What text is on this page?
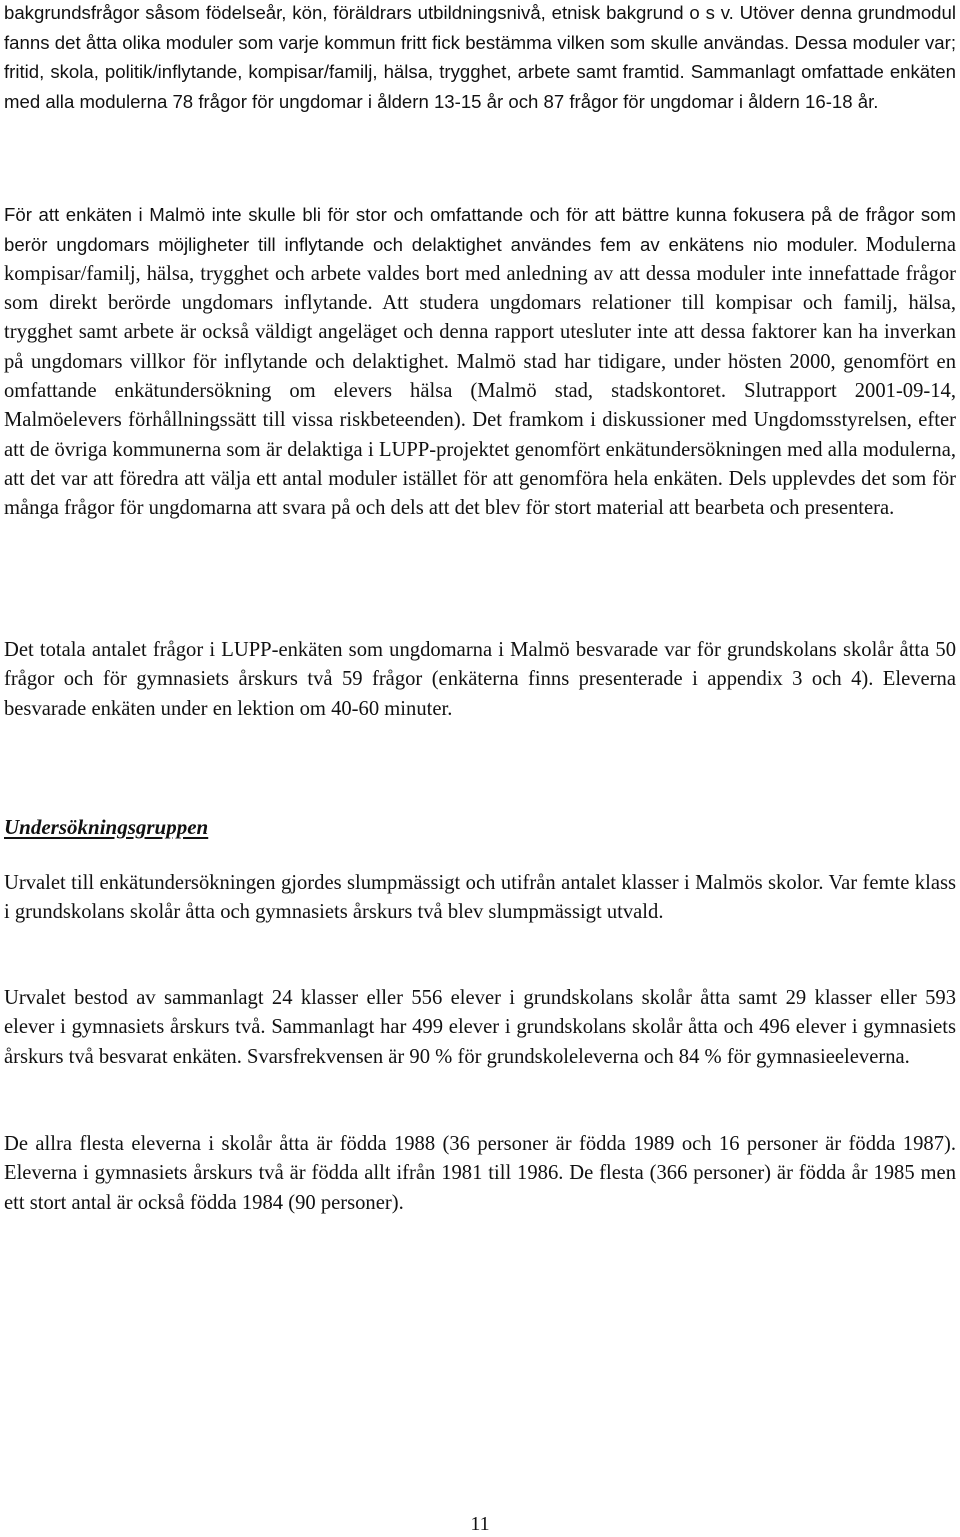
bakgrundsfrågor såsom födelseår, kön, föräldrars utbildningsnivå, etnisk bakgrund o s v. Utöver denna grundmodul fanns det åtta olika moduler som varje kommun fritt fick bestämma vilken som skulle användas. Dessa moduler var; fritid, skola, politik/inflytande, kompisar/familj, hälsa, trygghet, arbete samt framtid. Sammanlagt omfattade enkäten med alla modulerna 78 frågor för ungdomar i åldern 13-15 år och 87 frågor för ungdomar i åldern 16-18 år.

För att enkäten i Malmö inte skulle bli för stor och omfattande och för att bättre kunna fokusera på de frågor som berör ungdomars möjligheter till inflytande och delaktighet användes fem av enkätens nio moduler. Modulerna kompisar/familj, hälsa, trygghet och arbete valdes bort med anledning av att dessa moduler inte innefattade frågor som direkt berörde ungdomars inflytande. Att studera ungdomars relationer till kompisar och familj, hälsa, trygghet samt arbete är också väldigt angeläget och denna rapport utesluter inte att dessa faktorer kan ha inverkan på ungdomars villkor för inflytande och delaktighet. Malmö stad har tidigare, under hösten 2000, genomfört en omfattande enkätundersökning om elevers hälsa (Malmö stad, stadskontoret. Slutrapport 2001-09-14, Malmöelevers förhållningssätt till vissa riskbeteenden). Det framkom i diskussioner med Ungdomsstyrelsen, efter att de övriga kommunerna som är delaktiga i LUPP-projektet genomfört enkätundersökningen med alla modulerna, att det var att föredra att välja ett antal moduler istället för att genomföra hela enkäten. Dels upplevdes det som för många frågor för ungdomarna att svara på och dels att det blev för stort material att bearbeta och presentera.

Det totala antalet frågor i LUPP-enkäten som ungdomarna i Malmö besvarade var för grundskolans skolår åtta 50 frågor och för gymnasiets årskurs två 59 frågor (enkäterna finns presenterade i appendix 3 och 4). Eleverna besvarade enkäten under en lektion om 40-60 minuter.

Undersökningsgruppen

Urvalet till enkätundersökningen gjordes slumpmässigt och utifrån antalet klasser i Malmös skolor. Var femte klass i grundskolans skolår åtta och gymnasiets årskurs två blev slumpmässigt utvald.

Urvalet bestod av sammanlagt 24 klasser eller 556 elever i grundskolans skolår åtta samt 29 klasser eller 593 elever i gymnasiets årskurs två. Sammanlagt har 499 elever i grundskolans skolår åtta och 496 elever i gymnasiets årskurs två besvarat enkäten. Svarsfrekvensen är 90 % för grundskoleleverna och 84 % för gymnasieeleverna.

De allra flesta eleverna i skolår åtta är födda 1988 (36 personer är födda 1989 och 16 personer är födda 1987). Eleverna i gymnasiets årskurs två är födda allt ifrån 1981 till 1986. De flesta (366 personer) är födda år 1985 men ett stort antal är också födda 1984 (90 personer).

11
